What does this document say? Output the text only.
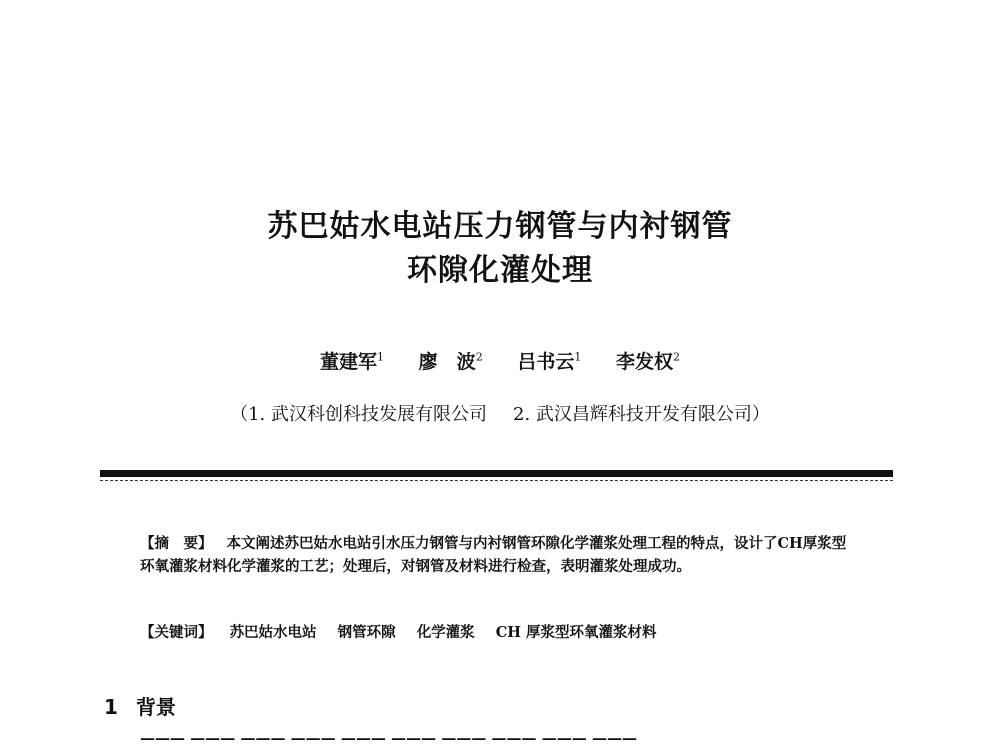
苏巴姑水电站压力钢管与内衬钢管
环隙化灌处理
董建军$^1$ 廖　波$^2$ 吕书云$^1$ 李发权$^2$
（1. 武汉科创科技发展有限公司 2. 武汉昌辉科技开发有限公司）
【摘　要】 本文阐述苏巴姑水电站引水压力钢管与内衬钢管环隙化学灌浆处理工程的特点，设计了CH厚浆型环氧灌浆材料化学灌浆的工艺；处理后，对钢管及材料进行检查，表明灌浆处理成功。
【关键词】 苏巴姑水电站 钢管环隙 化学灌浆 CH 厚浆型环氧灌浆材料
1 背景
——— ——— ——— ——— ——— ——— ——— ——— ——— ———
